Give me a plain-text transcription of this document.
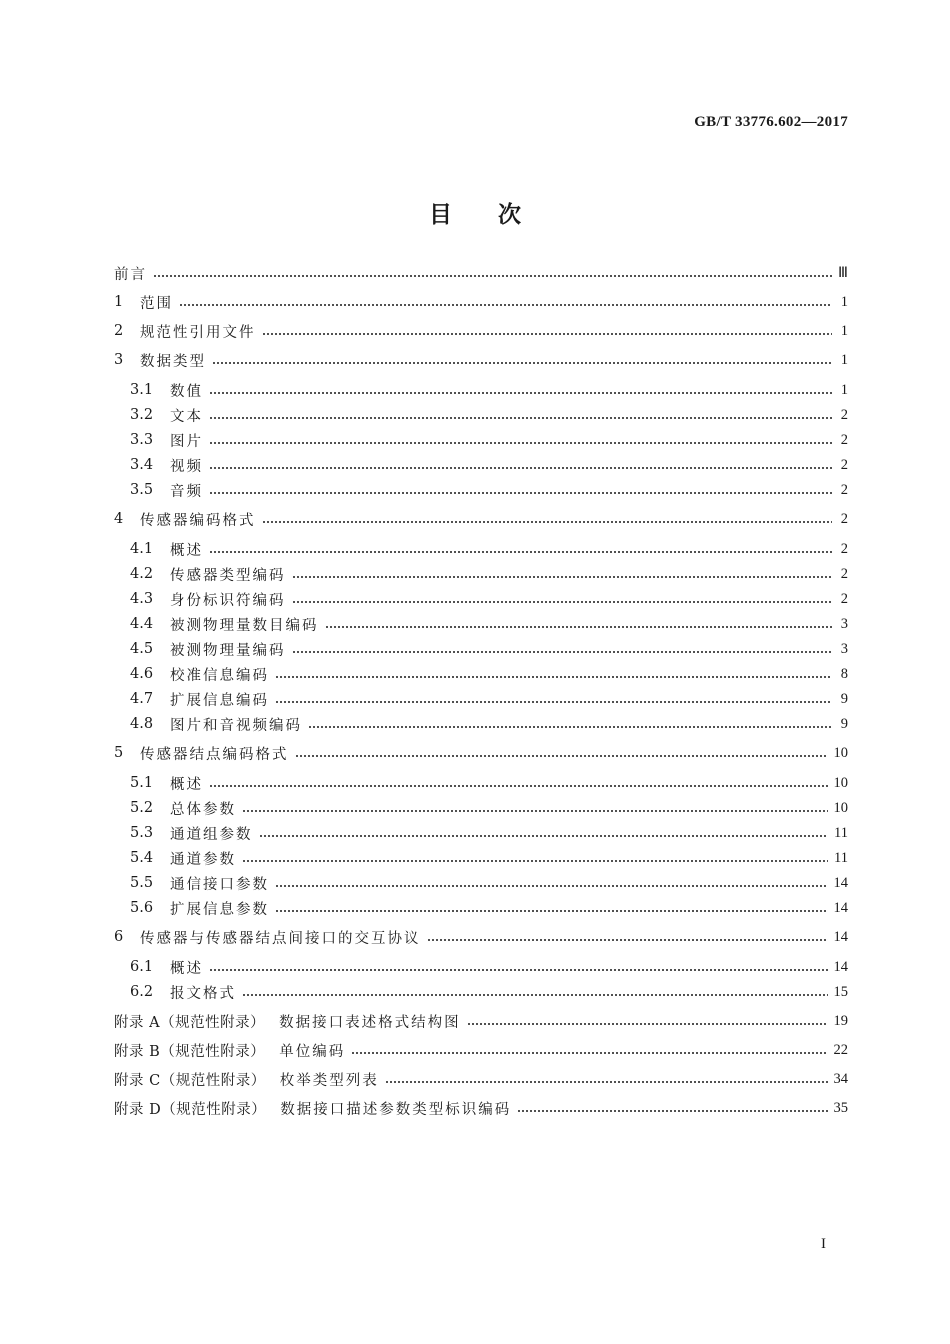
GB/T 33776.602—2017
目次
前言	Ⅲ
1	范围	1
2	规范性引用文件	1
3	数据类型	1
3.1	数值	1
3.2	文本	2
3.3	图片	2
3.4	视频	2
3.5	音频	2
4	传感器编码格式	2
4.1	概述	2
4.2	传感器类型编码	2
4.3	身份标识符编码	2
4.4	被测物理量数目编码	3
4.5	被测物理量编码	3
4.6	校准信息编码	8
4.7	扩展信息编码	9
4.8	图片和音视频编码	9
5	传感器结点编码格式	10
5.1	概述	10
5.2	总体参数	10
5.3	通道组参数	11
5.4	通道参数	11
5.5	通信接口参数	14
5.6	扩展信息参数	14
6	传感器与传感器结点间接口的交互协议	14
6.1	概述	14
6.2	报文格式	15
附录 A（规范性附录） 数据接口表述格式结构图	19
附录 B（规范性附录） 单位编码	22
附录 C（规范性附录） 枚举类型列表	34
附录 D（规范性附录） 数据接口描述参数类型标识编码	35
I
